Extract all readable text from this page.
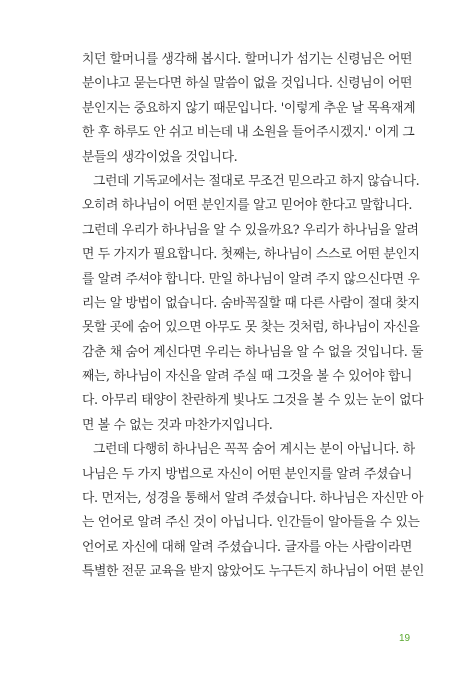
치던 할머니를 생각해 봅시다. 할머니가 섬기는 신령님은 어떤
분이냐고 묻는다면 하실 말씀이 없을 것입니다. 신령님이 어떤
분인지는 중요하지 않기 때문입니다. '이렇게 추운 날 목욕재계
한 후 하루도 안 쉬고 비는데 내 소원을 들어주시겠지.' 이게 그
분들의 생각이었을 것입니다.
그런데 기독교에서는 절대로 무조건 믿으라고 하지 않습니다.
오히려 하나님이 어떤 분인지를 알고 믿어야 한다고 말합니다.
그런데 우리가 하나님을 알 수 있을까요? 우리가 하나님을 알려
면 두 가지가 필요합니다. 첫째는, 하나님이 스스로 어떤 분인지
를 알려 주셔야 합니다. 만일 하나님이 알려 주지 않으신다면 우
리는 알 방법이 없습니다. 숨바꼭질할 때 다른 사람이 절대 찾지
못할 곳에 숨어 있으면 아무도 못 찾는 것처럼, 하나님이 자신을
감춘 채 숨어 계신다면 우리는 하나님을 알 수 없을 것입니다. 둘
째는, 하나님이 자신을 알려 주실 때 그것을 볼 수 있어야 합니
다. 아무리 태양이 찬란하게 빛나도 그것을 볼 수 있는 눈이 없다
면 볼 수 없는 것과 마찬가지입니다.
그런데 다행히 하나님은 꼭꼭 숨어 계시는 분이 아닙니다. 하
나님은 두 가지 방법으로 자신이 어떤 분인지를 알려 주셨습니
다. 먼저는, 성경을 통해서 알려 주셨습니다. 하나님은 자신만 아
는 언어로 알려 주신 것이 아닙니다. 인간들이 알아들을 수 있는
언어로 자신에 대해 알려 주셨습니다. 글자를 아는 사람이라면
특별한 전문 교육을 받지 않았어도 누구든지 하나님이 어떤 분인
19
